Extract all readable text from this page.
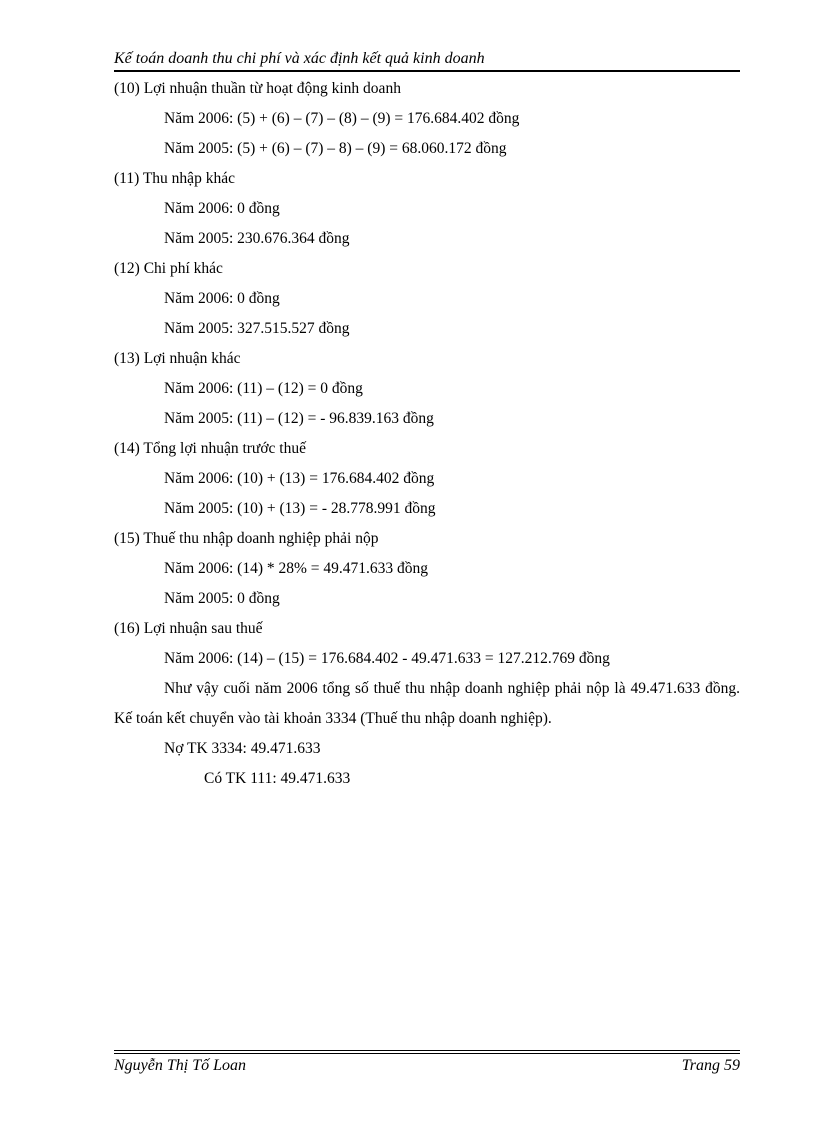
Kế toán doanh thu chi phí và xác định kết quả kinh doanh
(10) Lợi nhuận thuần từ hoạt động kinh doanh
Năm 2006: (5) + (6) – (7) – (8) – (9) = 176.684.402 đồng
Năm 2005: (5) + (6) – (7) – 8) – (9) = 68.060.172 đồng
(11) Thu nhập khác
Năm 2006: 0 đồng
Năm 2005: 230.676.364 đồng
(12) Chi phí khác
Năm 2006: 0 đồng
Năm 2005: 327.515.527 đồng
(13) Lợi nhuận khác
Năm 2006: (11) – (12) = 0 đồng
Năm 2005: (11) – (12) = - 96.839.163 đồng
(14) Tổng lợi nhuận trước thuế
Năm 2006: (10) + (13) = 176.684.402 đồng
Năm 2005: (10) + (13) = - 28.778.991 đồng
(15) Thuế thu nhập doanh nghiệp phải nộp
Năm 2006: (14) * 28% = 49.471.633 đồng
Năm 2005: 0 đồng
(16) Lợi nhuận sau thuế
Năm 2006: (14) – (15) = 176.684.402 - 49.471.633 = 127.212.769 đồng

Như vậy cuối năm 2006 tổng số thuế thu nhập doanh nghiệp phải nộp là 49.471.633 đồng. Kế toán kết chuyển vào tài khoản 3334 (Thuế thu nhập doanh nghiệp).

Nợ TK 3334: 49.471.633
Có TK 111: 49.471.633
Nguyễn Thị Tố Loan	Trang 59
